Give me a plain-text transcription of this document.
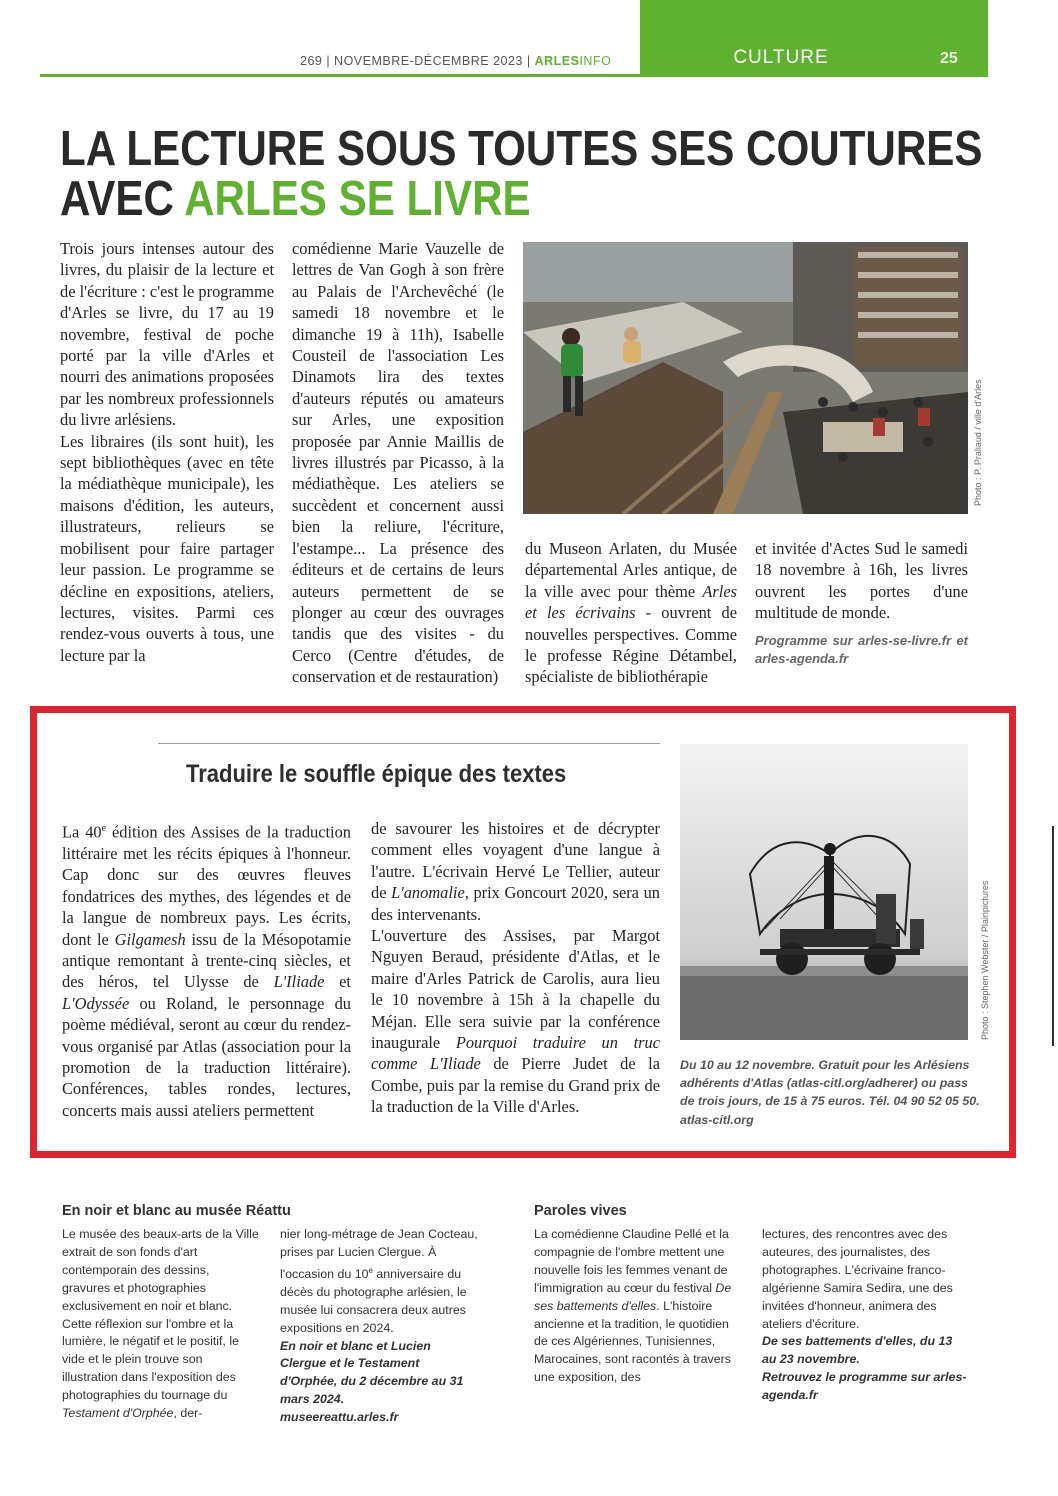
269 | NOVEMBRE-DÉCEMBRE 2023 | ARLESINFO	CULTURE	25
LA LECTURE SOUS TOUTES SES COUTURES
AVEC ARLES SE LIVRE

Trois jours intenses autour des livres, du plaisir de la lecture et de l'écriture : c'est le programme d'Arles se livre, du 17 au 19 novembre, festival de poche porté par la ville d'Arles et nourri des animations proposées par les nombreux professionnels du livre arlésiens.

Les libraires (ils sont huit), les sept bibliothèques (avec en tête la médiathèque municipale), les maisons d'édition, les auteurs, illustrateurs, relieurs se mobilisent pour faire partager leur passion. Le programme se décline en expositions, ateliers, lectures, visites. Parmi ces rendez-vous ouverts à tous, une lecture par la

comédienne Marie Vauzelle de lettres de Van Gogh à son frère au Palais de l'Archevêché (le samedi 18 novembre et le dimanche 19 à 11h), Isabelle Cousteil de l'association Les Dinamots lira des textes d'auteurs réputés ou amateurs sur Arles, une exposition proposée par Annie Maillis de livres illustrés par Picasso, à la médiathèque. Les ateliers se succèdent et concernent aussi bien la reliure, l'écriture, l'estampe... La présence des éditeurs et de certains de leurs auteurs permettent de se plonger au cœur des ouvrages tandis que des visites - du Cerco (Centre d'études, de conservation et de restauration)

Photo : P. Praliaud / ville d'Arles

du Museon Arlaten, du Musée départemental Arles antique, de la ville avec pour thème Arles et les écrivains - ouvrent de nouvelles perspectives. Comme le professe Régine Détambel, spécialiste de bibliothérapie

et invitée d'Actes Sud le samedi 18 novembre à 16h, les livres ouvrent les portes d'une multitude de monde.

Programme sur arles-se-livre.fr et arles-agenda.fr

Traduire le souffle épique des textes

La 40e édition des Assises de la traduction littéraire met les récits épiques à l'honneur. Cap donc sur des œuvres fleuves fondatrices des mythes, des légendes et de la langue de nombreux pays. Les écrits, dont le Gilgamesh issu de la Mésopotamie antique remontant à trente-cinq siècles, et des héros, tel Ulysse de L'Iliade et L'Odyssée ou Roland, le personnage du poème médiéval, seront au cœur du rendez-vous organisé par Atlas (association pour la promotion de la traduction littéraire). Conférences, tables rondes, lectures, concerts mais aussi ateliers permettent

de savourer les histoires et de décrypter comment elles voyagent d'une langue à l'autre. L'écrivain Hervé Le Tellier, auteur de L'anomalie, prix Goncourt 2020, sera un des intervenants.

L'ouverture des Assises, par Margot Nguyen Beraud, présidente d'Atlas, et le maire d'Arles Patrick de Carolis, aura lieu le 10 novembre à 15h à la chapelle du Méjan. Elle sera suivie par la conférence inaugurale Pourquoi traduire un truc comme L'Iliade de Pierre Judet de la Combe, puis par la remise du Grand prix de la traduction de la Ville d'Arles.

Photo : Stephen Webster / Plainpictures
Du 10 au 12 novembre. Gratuit pour les Arlésiens adhérents d'Atlas (atlas-citl.org/adherer) ou pass de trois jours, de 15 à 75 euros. Tél. 04 90 52 05 50. atlas-citl.org
En noir et blanc au musée Réattu

Le musée des beaux-arts de la Ville extrait de son fonds d'art contemporain des dessins, gravures et photographies exclusivement en noir et blanc. Cette réflexion sur l'ombre et la lumière, le négatif et le positif, le vide et le plein trouve son illustration dans l'exposition des photographies du tournage du Testament d'Orphée, der-

nier long-métrage de Jean Cocteau, prises par Lucien Clergue. À l'occasion du 10e anniversaire du décès du photographe arlésien, le musée lui consacrera deux autres expositions en 2024.

En noir et blanc et Lucien Clergue et le Testament d'Orphée, du 2 décembre au 31 mars 2024.

museereattu.arles.fr

Paroles vives

La comédienne Claudine Pellé et la compagnie de l'ombre mettent une nouvelle fois les femmes venant de l'immigration au cœur du festival De ses battements d'elles. L'histoire ancienne et la tradition, le quotidien de ces Algériennes, Tunisiennes, Marocaines, sont racontés à travers une exposition, des

lectures, des rencontres avec des auteures, des journalistes, des photographes. L'écrivaine franco-algérienne Samira Sedira, une des invitées d'honneur, animera des ateliers d'écriture.

De ses battements d'elles, du 13 au 23 novembre.

Retrouvez le programme sur arles-agenda.fr
